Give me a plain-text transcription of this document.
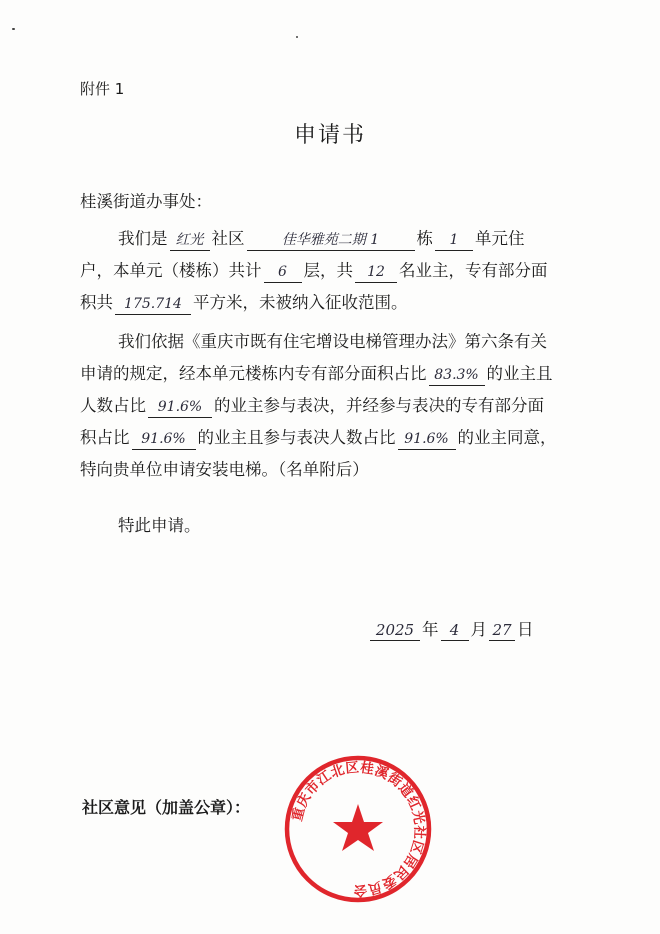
附件 1
申请书
桂溪街道办事处：
我们是 红光 社区	佳华雅苑二期 1 栋 1 单元住
户，本单元（楼栋）共计 6 层，共 12 名业主，专有部分面
积共 175.714 平方米，未被纳入征收范围。
我们依据《重庆市既有住宅增设电梯管理办法》第六条有关
申请的规定，经本单元楼栋内专有部分面积占比 83.3% 的业主且
人数占比 91.6% 的业主参与表决，并经参与表决的专有部分面
积占比 91.6% 的业主且参与表决人数占比 91.6% 的业主同意，
特向贵单位申请安装电梯。（名单附后）
特此申请。
2025 年 4 月 27 日
社区意见（加盖公章）：	重庆市江北区桂溪街道红光社区居民委员会
